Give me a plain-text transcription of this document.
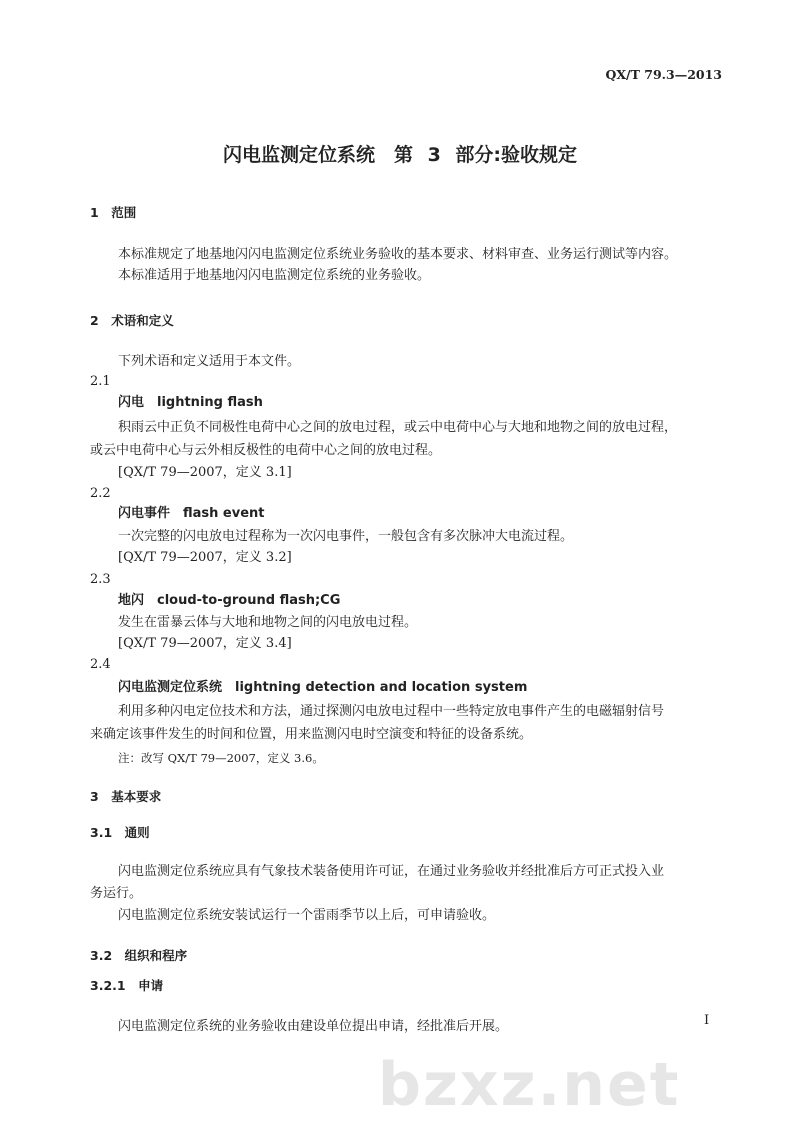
QX/T 79.3—2013
闪电监测定位系统　第 3 部分:验收规定
1　范围
本标准规定了地基地闪闪电监测定位系统业务验收的基本要求、材料审查、业务运行测试等内容。
本标准适用于地基地闪闪电监测定位系统的业务验收。
2　术语和定义
下列术语和定义适用于本文件。
2.1
闪电　lightning flash
积雨云中正负不同极性电荷中心之间的放电过程，或云中电荷中心与大地和地物之间的放电过程，
或云中电荷中心与云外相反极性的电荷中心之间的放电过程。
[QX/T 79—2007，定义 3.1]
2.2
闪电事件　flash event
一次完整的闪电放电过程称为一次闪电事件，一般包含有多次脉冲大电流过程。
[QX/T 79—2007，定义 3.2]
2.3
地闪　cloud-to-ground flash;CG
发生在雷暴云体与大地和地物之间的闪电放电过程。
[QX/T 79—2007，定义 3.4]
2.4
闪电监测定位系统　lightning detection and location system
利用多种闪电定位技术和方法，通过探测闪电放电过程中一些特定放电事件产生的电磁辐射信号
来确定该事件发生的时间和位置，用来监测闪电时空演变和特征的设备系统。
注：改写 QX/T 79—2007，定义 3.6。
3　基本要求
3.1　通则
闪电监测定位系统应具有气象技术装备使用许可证，在通过业务验收并经批准后方可正式投入业
务运行。
闪电监测定位系统安装试运行一个雷雨季节以上后，可申请验收。
3.2　组织和程序
3.2.1　申请
闪电监测定位系统的业务验收由建设单位提出申请，经批准后开展。	I
bzxz.net
